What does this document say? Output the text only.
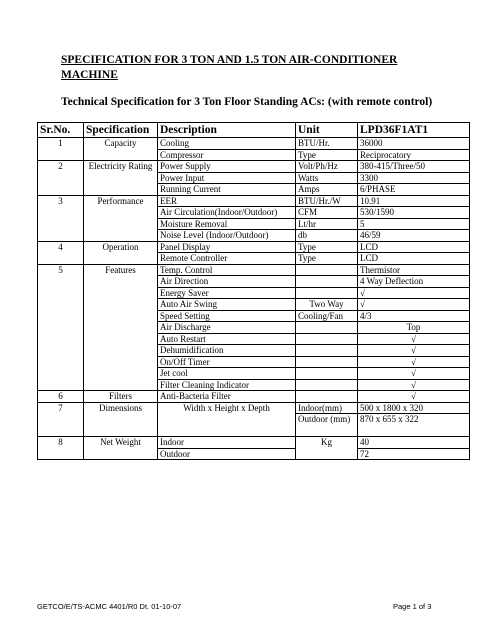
SPECIFICATION FOR 3 TON AND 1.5 TON AIR-CONDITIONER MACHINE
Technical Specification for 3 Ton Floor Standing ACs: (with remote control)
Sr.No.	Specification	Description	Unit	LPD36F1AT1
1	Capacity	Cooling	BTU/Hr.	36000
		Compressor	Type	Reciprocatory
2	Electricity Rating	Power Supply	Volt/Ph/Hz	380-415/Three/50
		Power Input	Watts	3300
		Running Current	Amps	6/PHASE
3	Performance	EER	BTU/Hr./W	10.91
		Air Circulation(Indoor/Outdoor)	CFM	530/1590
		Moisture Removal	Lt/hr	5
		Noise Level (Indoor/Outdoor)	db	46/59
4	Operation	Panel Display	Type	LCD
		Remote Controller	Type	LCD
5	Features	Temp. Control		Thermistor
		Air Direction		4 Way Deflection
		Energy Saver		√
		Auto Air Swing	Two Way	√
		Speed Setting	Cooling/Fan	4/3
		Air Discharge		Top
		Auto Restart		√
		Dehumidification		√
		On/Off Timer		√
		Jet cool		√
		Filter Cleaning Indicator		√
6	Filters	Anti-Bacteria Filter		√
7	Dimensions	Width x Height x Depth	Indoor(mm)	500 x 1800 x 320
			Outdoor (mm)	870 x 655 x 322
8	Net Weight	Indoor	Kg	40
		Outdoor		72
GETCO/E/TS-ACMC 4401/R0 Dt. 01-10-07	Page 1 of 3
